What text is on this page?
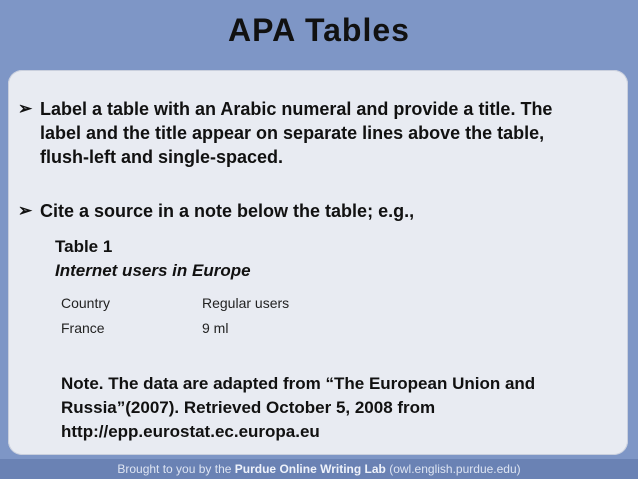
APA Tables
➢ Label a table with an Arabic numeral and provide a title. The label and the title appear on separate lines above the table, flush-left and single-spaced.
➢ Cite a source in a note below the table; e.g.,
Table 1
Internet users in Europe
Country	Regular users
France	9 ml
Note. The data are adapted from “The European Union and Russia”(2007). Retrieved October 5, 2008 from http://epp.eurostat.ec.europa.eu
Brought to you by the Purdue Online Writing Lab (owl.english.purdue.edu)
